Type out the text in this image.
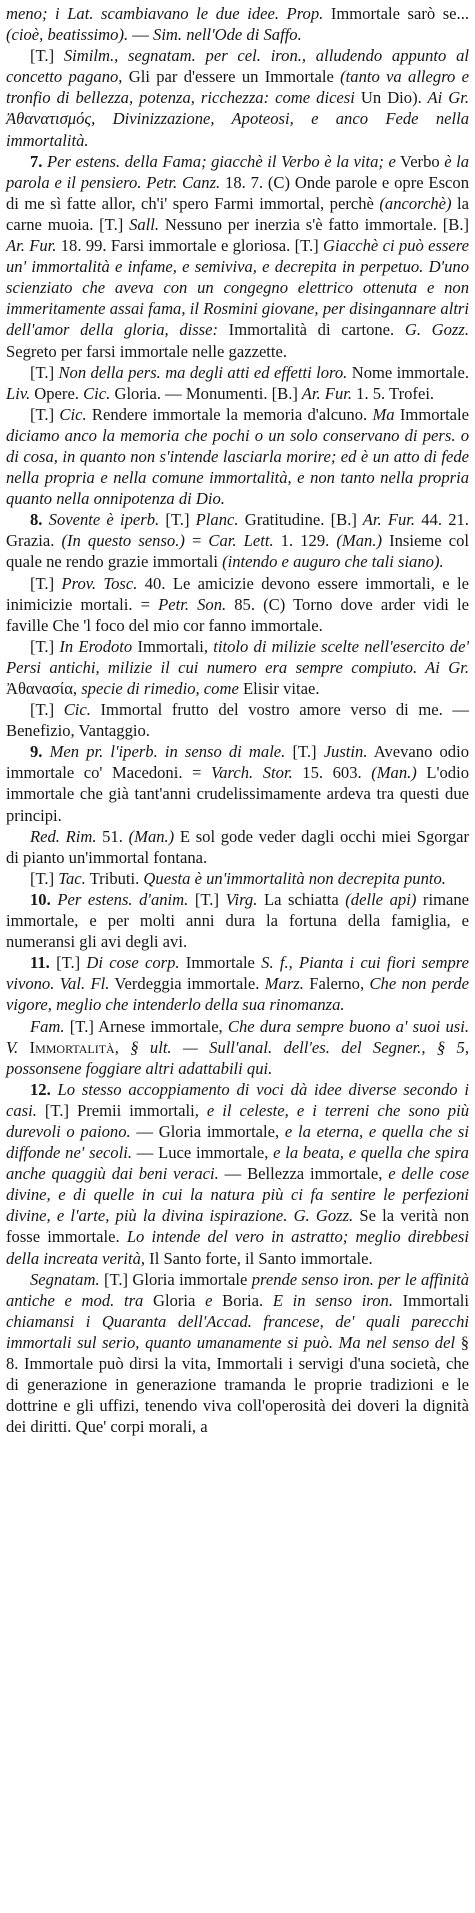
meno; i Lat. scambiavano le due idee. Prop. Immortale sarò se... (cioè, beatissimo). — Sim. nell'Ode di Saffo.

[T.] Similm., segnatam. per cel. iron., alludendo appunto al concetto pagano, Gli par d'essere un Immortale (tanto va allegro e tronfio di bellezza, potenza, ricchezza: come dicesi Un Dio). Ai Gr. Ἀθανατισμός, Divinizzazione, Apoteosi, e anco Fede nella immortalità.

7. Per estens. della Fama; giacchè il Verbo è la vita; e Verbo è la parola e il pensiero. Petr. Canz. 18. 7. (C) Onde parole e opre Escon di me sì fatte allor, ch'i' spero Farmi immortal, perchè (ancorchè) la carne muoia. [T.] Sall. Nessuno per inerzia s'è fatto immortale. [B.] Ar. Fur. 18. 99. Farsi immortale e gloriosa. [T.] Giacchè ci può essere un' immortalità e infame, e semiviva, e decrepita in perpetuo. D'uno scienziato che aveva con un congegno elettrico ottenuta e non immeritamente assai fama, il Rosmini giovane, per disingannare altri dell'amor della gloria, disse: Immortalità di cartone. G. Gozz. Segreto per farsi immortale nelle gazzette.

[T.] Non della pers. ma degli atti ed effetti loro. Nome immortale. Liv. Opere. Cic. Gloria. — Monumenti. [B.] Ar. Fur. 1. 5. Trofei.

[T.] Cic. Rendere immortale la memoria d'alcuno. Ma Immortale diciamo anco la memoria che pochi o un solo conservano di pers. o di cosa, in quanto non s'intende lasciarla morire; ed è un atto di fede nella propria e nella comune immortalità, e non tanto nella propria quanto nella onnipotenza di Dio.

8. Sovente è iperb. [T.] Planc. Gratitudine. [B.] Ar. Fur. 44. 21. Grazia. (In questo senso.) = Car. Lett. 1. 129. (Man.) Insieme col quale ne rendo grazie immortali (intendo e auguro che tali siano).

[T.] Prov. Tosc. 40. Le amicizie devono essere immortali, e le inimicizie mortali. = Petr. Son. 85. (C) Torno dove arder vidi le faville Che 'l foco del mio cor fanno immortale.

[T.] In Erodoto Immortali, titolo di milizie scelte nell'esercito de' Persi antichi, milizie il cui numero era sempre compiuto. Ai Gr. Ἀθανασία, specie di rimedio, come Elisir vitae.

[T.] Cic. Immortal frutto del vostro amore verso di me. — Benefizio, Vantaggio.

9. Men pr. l'iperb. in senso di male. [T.] Justin. Avevano odio immortale co' Macedoni. = Varch. Stor. 15. 603. (Man.) L'odio immortale che già tant'anni crudelissimamente ardeva tra questi due principi.

Red. Rim. 51. (Man.) E sol gode veder dagli occhi miei Sgorgar di pianto un'immortal fontana.

[T.] Tac. Tributi. Questa è un'immortalità non decrepita punto.

10. Per estens. d'anim. [T.] Virg. La schiatta (delle api) rimane immortale, e per molti anni dura la fortuna della famiglia, e numeransi gli avi degli avi.

11. [T.] Di cose corp. Immortale S. f., Pianta i cui fiori sempre vivono. Val. Fl. Verdeggia immortale. Marz. Falerno, Che non perde vigore, meglio che intenderlo della sua rinomanza.

Fam. [T.] Arnese immortale, Che dura sempre buono a' suoi usi. V. Immortalità, § ult. — Sull'anal. dell'es. del Segner., § 5, possonsene foggiare altri adattabili qui.

12. Lo stesso accoppiamento di voci dà idee diverse secondo i casi. [T.] Premii immortali, e il celeste, e i terreni che sono più durevoli o paiono. — Gloria immortale, e la eterna, e quella che si diffonde ne' secoli. — Luce immortale, e la beata, e quella che spira anche quaggiù dai beni veraci. — Bellezza immortale, e delle cose divine, e di quelle in cui la natura più ci fa sentire le perfezioni divine, e l'arte, più la divina ispirazione. G. Gozz. Se la verità non fosse immortale. Lo intende del vero in astratto; meglio direbbesi della increata verità, Il Santo forte, il Santo immortale.

Segnatam. [T.] Gloria immortale prende senso iron. per le affinità antiche e mod. tra Gloria e Boria. E in senso iron. Immortali chiamansi i Quaranta dell'Accad. francese, de' quali parecchi immortali sul serio, quanto umanamente si può. Ma nel senso del § 8. Immortale può dirsi la vita, Immortali i servigi d'una società, che di generazione in generazione tramanda le proprie tradizioni e le dottrine e gli uffizi, tenendo viva coll'operosità dei doveri la dignità dei diritti. Que' corpi morali, a
